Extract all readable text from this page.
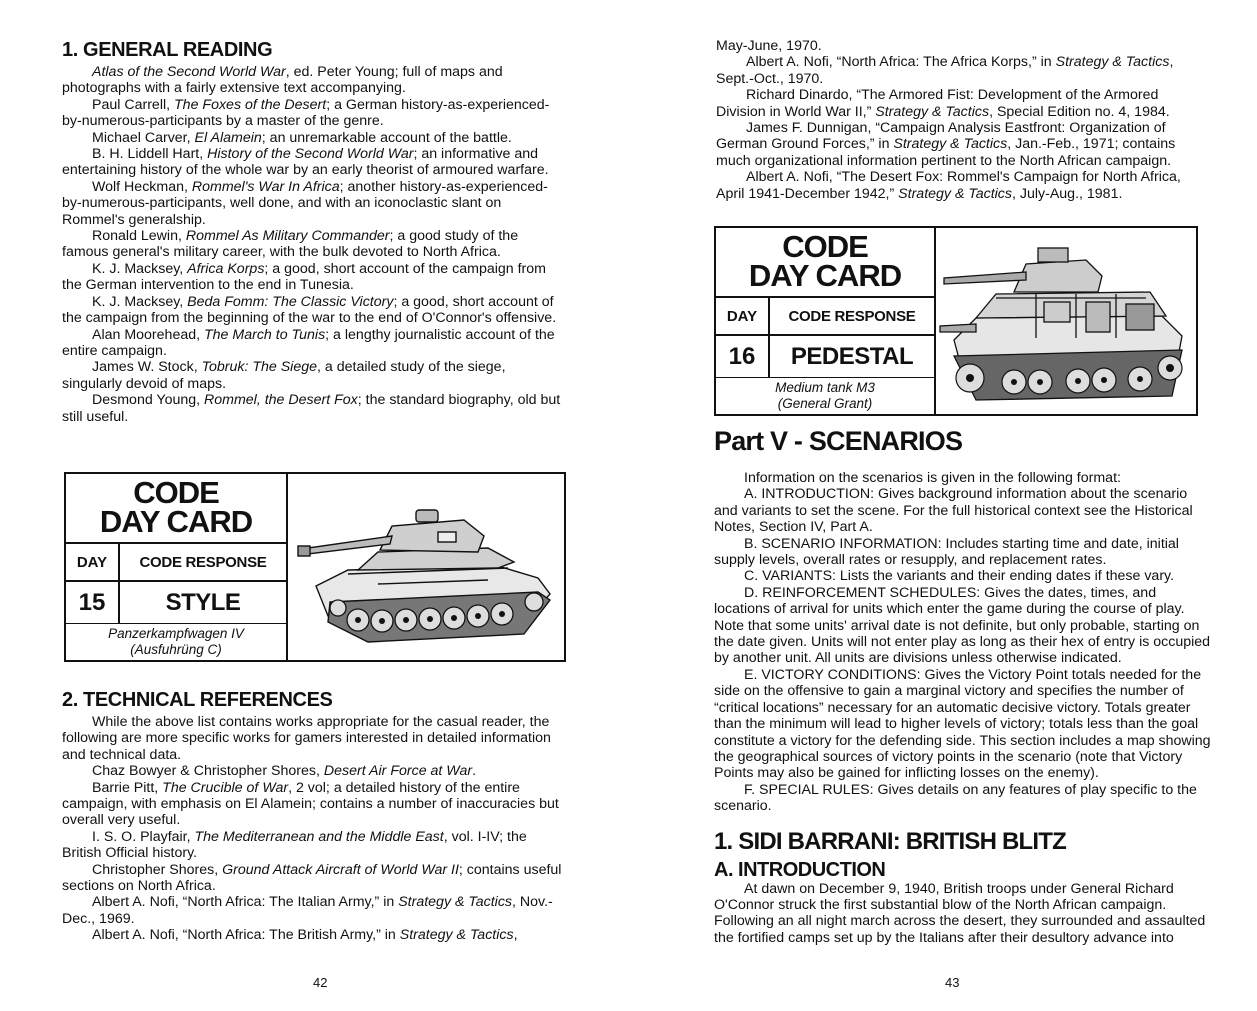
1. GENERAL READING

Atlas of the Second World War, ed. Peter Young; full of maps and photographs with a fairly extensive text accompanying.

Paul Carrell, The Foxes of the Desert; a German history-as-experienced-by-numerous-participants by a master of the genre.

Michael Carver, El Alamein; an unremarkable account of the battle.

B. H. Liddell Hart, History of the Second World War; an informative and entertaining history of the whole war by an early theorist of armoured warfare.

Wolf Heckman, Rommel's War In Africa; another history-as-experienced-by-numerous-participants, well done, and with an iconoclastic slant on Rommel's generalship.

Ronald Lewin, Rommel As Military Commander; a good study of the famous general's military career, with the bulk devoted to North Africa.

K. J. Macksey, Africa Korps; a good, short account of the campaign from the German intervention to the end in Tunesia.

K. J. Macksey, Beda Fomm: The Classic Victory; a good, short account of the campaign from the beginning of the war to the end of O'Connor's offensive.

Alan Moorehead, The March to Tunis; a lengthy journalistic account of the entire campaign.

James W. Stock, Tobruk: The Siege, a detailed study of the siege, singularly devoid of maps.

Desmond Young, Rommel, the Desert Fox; the standard biography, old but still useful.

CODE
DAY CARD
DAY	CODE RESPONSE
15	STYLE
Panzerkampfwagen IV
(Ausfuhrüng C)
2. TECHNICAL REFERENCES

While the above list contains works appropriate for the casual reader, the following are more specific works for gamers interested in detailed information and technical data.

Chaz Bowyer & Christopher Shores, Desert Air Force at War.

Barrie Pitt, The Crucible of War, 2 vol; a detailed history of the entire campaign, with emphasis on El Alamein; contains a number of inaccuracies but overall very useful.

I. S. O. Playfair, The Mediterranean and the Middle East, vol. I-IV; the British Official history.

Christopher Shores, Ground Attack Aircraft of World War II; contains useful sections on North Africa.

Albert A. Nofi, “North Africa: The Italian Army,” in Strategy & Tactics, Nov.-Dec., 1969.

Albert A. Nofi, “North Africa: The British Army,” in Strategy & Tactics,

42

May-June, 1970.

Albert A. Nofi, “North Africa: The Africa Korps,” in Strategy & Tactics, Sept.-Oct., 1970.

Richard Dinardo, “The Armored Fist: Development of the Armored Division in World War II,” Strategy & Tactics, Special Edition no. 4, 1984.

James F. Dunnigan, “Campaign Analysis Eastfront: Organization of German Ground Forces,” in Strategy & Tactics, Jan.-Feb., 1971; contains much organizational information pertinent to the North African campaign.

Albert A. Nofi, “The Desert Fox: Rommel's Campaign for North Africa, April 1941-December 1942,” Strategy & Tactics, July-Aug., 1981.

CODE
DAY CARD
DAY	CODE RESPONSE
16	PEDESTAL
Medium tank M3
(General Grant)
Part V - SCENARIOS

Information on the scenarios is given in the following format:

A. INTRODUCTION: Gives background information about the scenario and variants to set the scene. For the full historical context see the Historical Notes, Section IV, Part A.

B. SCENARIO INFORMATION: Includes starting time and date, initial supply levels, overall rates or resupply, and replacement rates.

C. VARIANTS: Lists the variants and their ending dates if these vary.

D. REINFORCEMENT SCHEDULES: Gives the dates, times, and locations of arrival for units which enter the game during the course of play. Note that some units' arrival date is not definite, but only probable, starting on the date given. Units will not enter play as long as their hex of entry is occupied by another unit. All units are divisions unless otherwise indicated.

E. VICTORY CONDITIONS: Gives the Victory Point totals needed for the side on the offensive to gain a marginal victory and specifies the number of “critical locations” necessary for an automatic decisive victory. Totals greater than the minimum will lead to higher levels of victory; totals less than the goal constitute a victory for the defending side. This section includes a map showing the geographical sources of victory points in the scenario (note that Victory Points may also be gained for inflicting losses on the enemy).

F. SPECIAL RULES: Gives details on any features of play specific to the scenario.

1. SIDI BARRANI: BRITISH BLITZ
A. INTRODUCTION

At dawn on December 9, 1940, British troops under General Richard O'Connor struck the first substantial blow of the North African campaign. Following an all night march across the desert, they surrounded and assaulted the fortified camps set up by the Italians after their desultory advance into

43
